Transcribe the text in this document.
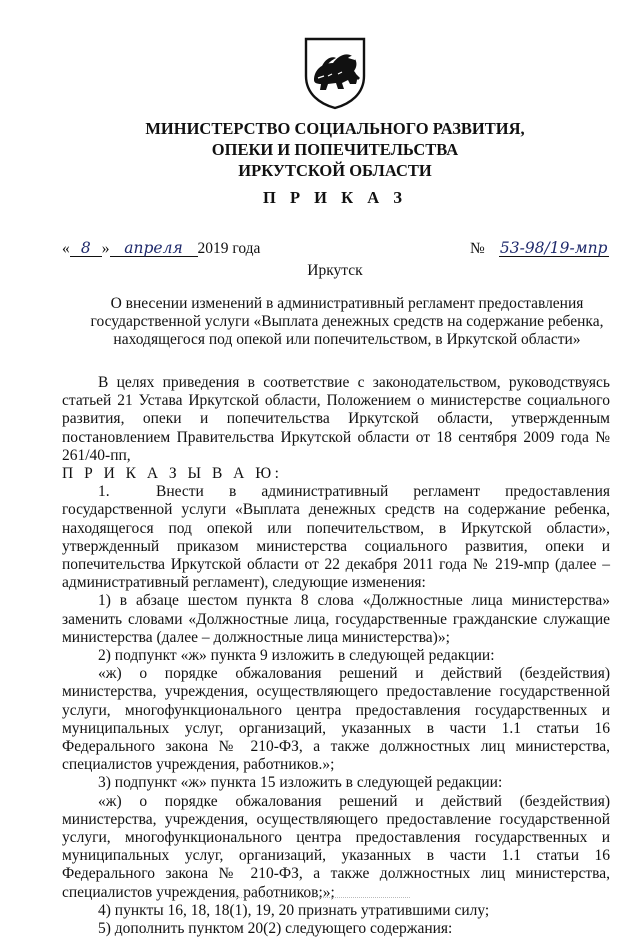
МИНИСТЕРСТВО СОЦИАЛЬНОГО РАЗВИТИЯ,
ОПЕКИ И ПОПЕЧИТЕЛЬСТВА
ИРКУТСКОЙ ОБЛАСТИ
П Р И К А З
« 8 » апреля 2019 года	№ 53-98/19-мпр
Иркутск
О внесении изменений в административный регламент предоставления государственной услуги «Выплата денежных средств на содержание ребенка, находящегося под опекой или попечительством, в Иркутской области»

В целях приведения в соответствие с законодательством, руководствуясь статьей 21 Устава Иркутской области, Положением о министерстве социального развития, опеки и попечительства Иркутской области, утвержденным постановлением Правительства Иркутской области от 18 сентября 2009 года № 261/40-пп,

П Р И К А З Ы В А Ю:

1.	Внести в административный регламент предоставления государственной услуги «Выплата денежных средств на содержание ребенка, находящегося под опекой или попечительством, в Иркутской области», утвержденный приказом министерства социального развития, опеки и попечительства Иркутской области от 22 декабря 2011 года № 219-мпр (далее – административный регламент), следующие изменения:

1) в абзаце шестом пункта 8 слова «Должностные лица министерства» заменить словами «Должностные лица, государственные гражданские служащие министерства (далее – должностные лица министерства)»;

2) подпункт «ж» пункта 9 изложить в следующей редакции:

«ж) о порядке обжалования решений и действий (бездействия) министерства, учреждения, осуществляющего предоставление государственной услуги, многофункционального центра предоставления государственных и муниципальных услуг, организаций, указанных в части 1.1 статьи 16 Федерального закона № 210-ФЗ, а также должностных лиц министерства, специалистов учреждения, работников.»;

3) подпункт «ж» пункта 15 изложить в следующей редакции:

«ж) о порядке обжалования решений и действий (бездействия) министерства, учреждения, осуществляющего предоставление государственной услуги, многофункционального центра предоставления государственных и муниципальных услуг, организаций, указанных в части 1.1 статьи 16 Федерального закона № 210-ФЗ, а также должностных лиц министерства, специалистов учреждения, работников;»;

4) пункты 16, 18, 18(1), 19, 20 признать утратившими силу;

5) дополнить пунктом 20(2) следующего содержания:
